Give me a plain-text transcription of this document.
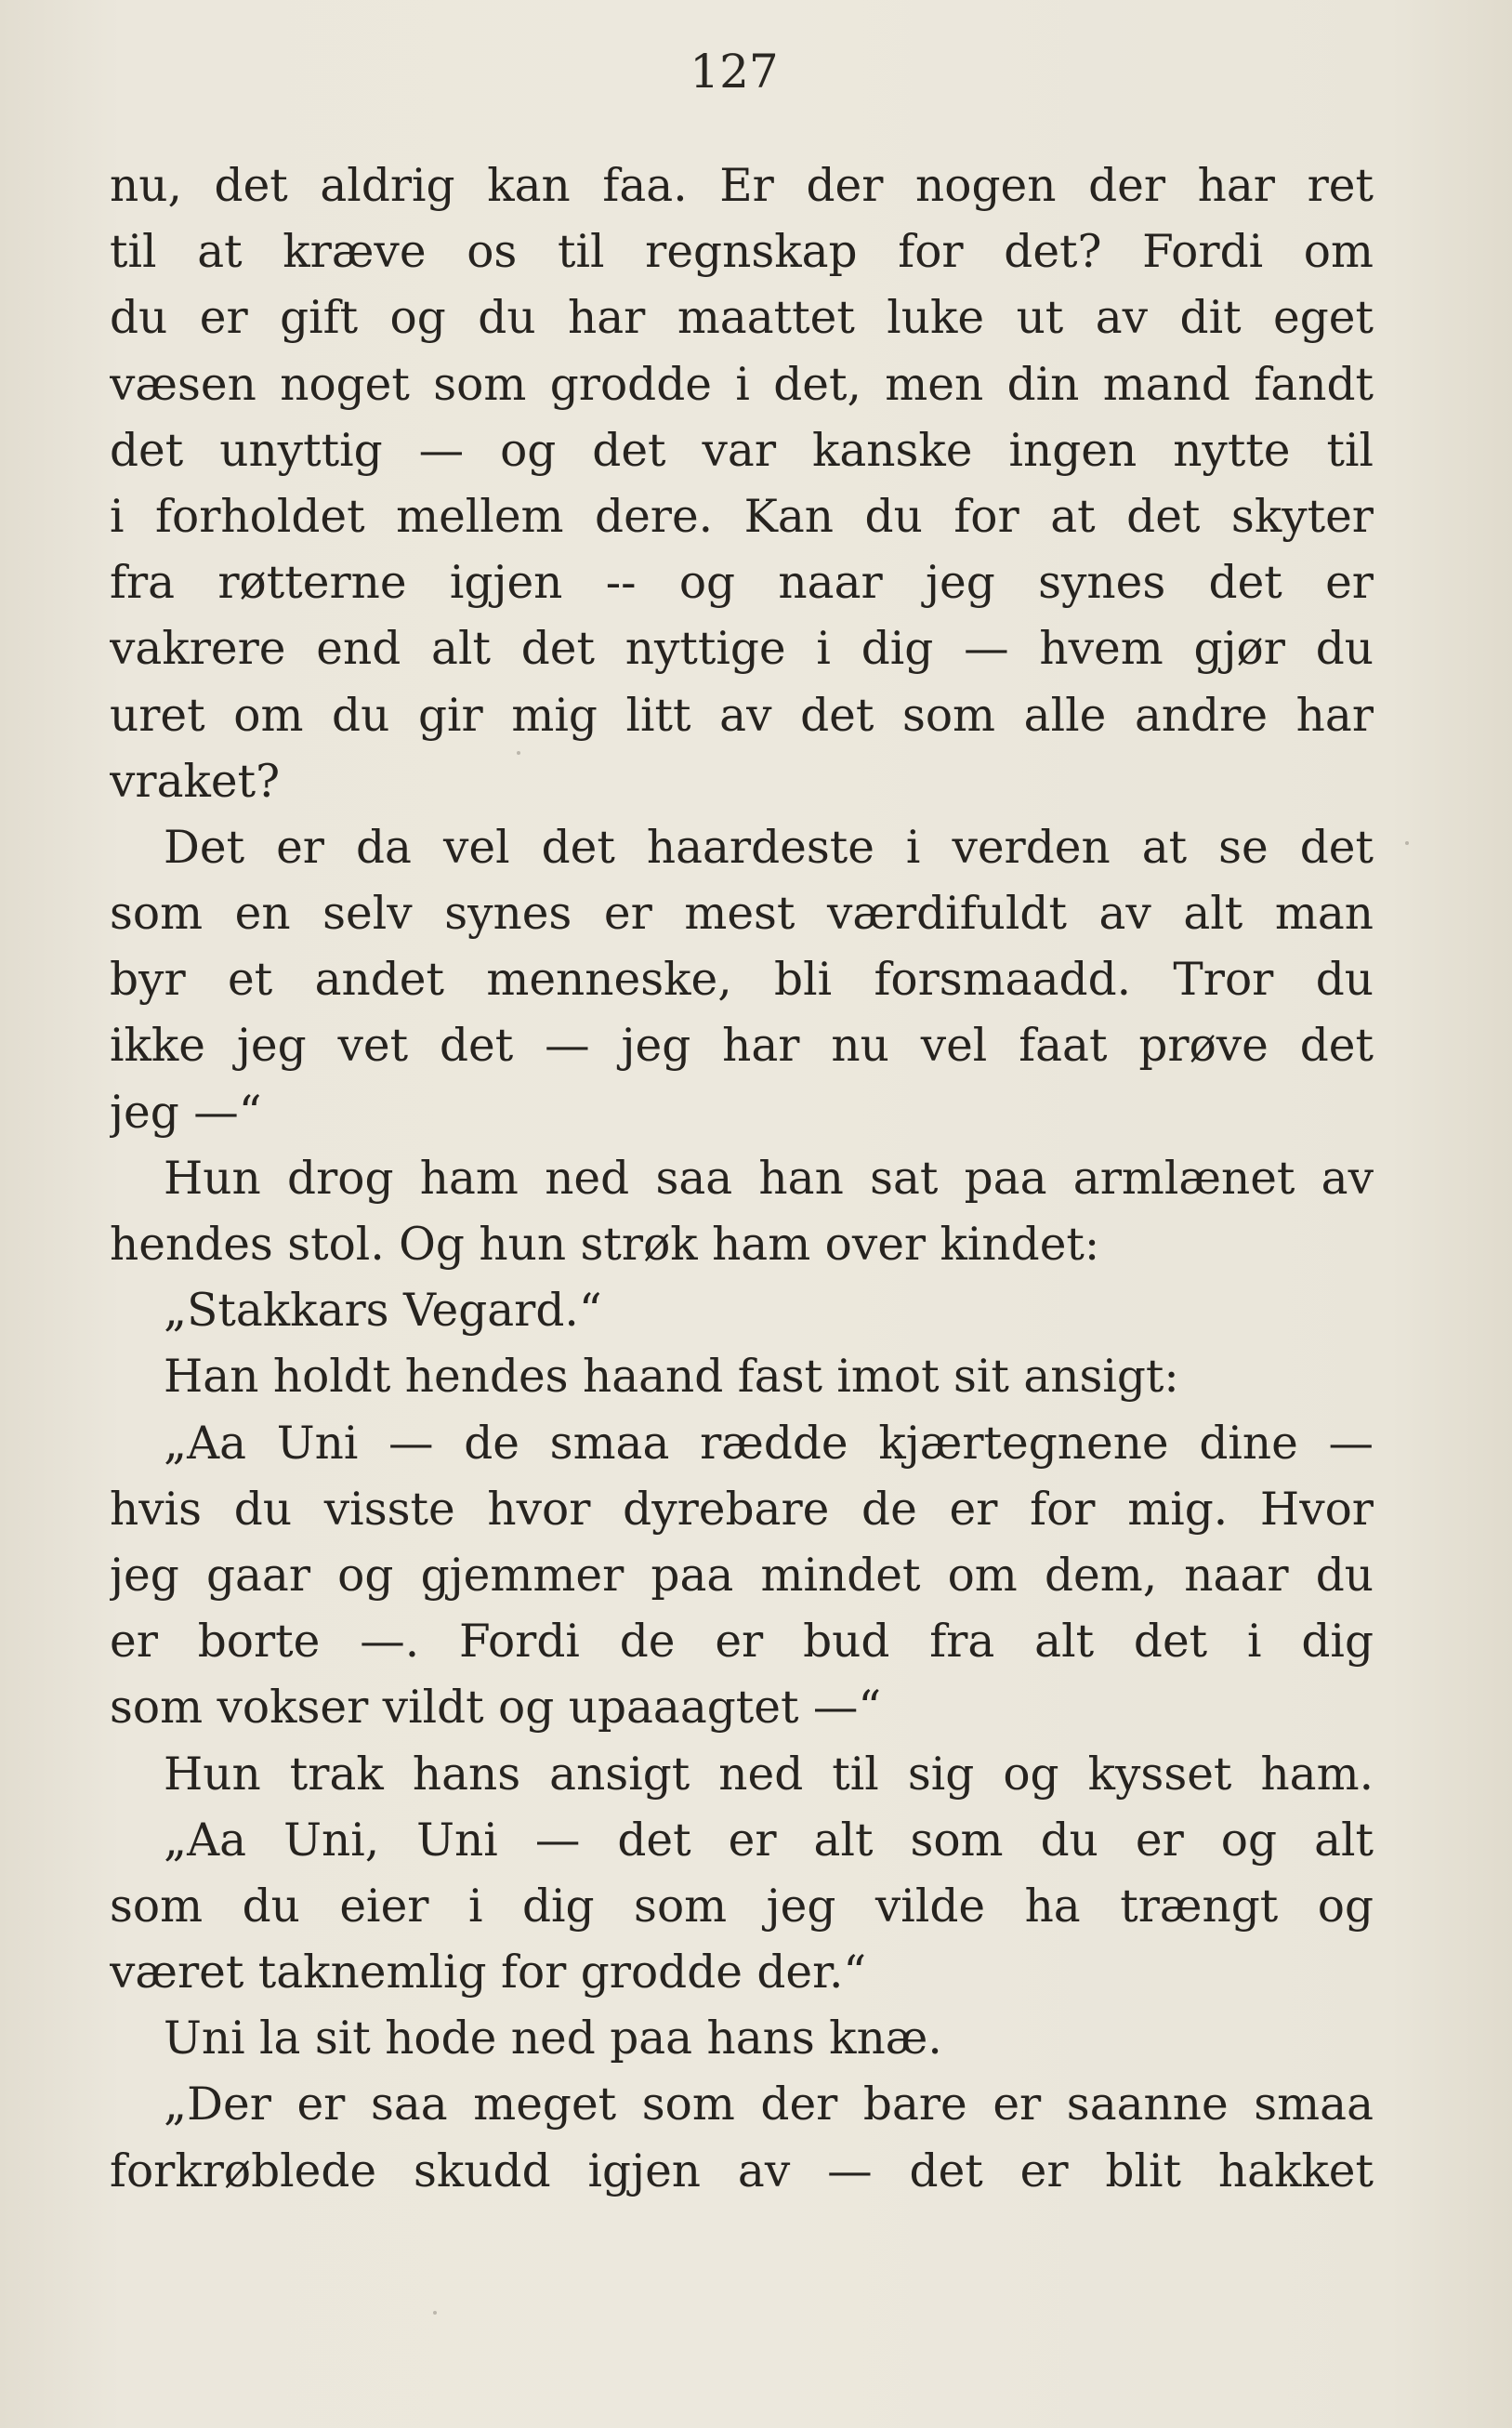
127
nu, det aldrig kan faa. Er der nogen der har ret
til at kræve os til regnskap for det? Fordi om
du er gift og du har maattet luke ut av dit eget
væsen noget som grodde i det, men din mand fandt
det unyttig — og det var kanske ingen nytte til
i forholdet mellem dere. Kan du for at det skyter
fra røtterne igjen -- og naar jeg synes det er
vakrere end alt det nyttige i dig — hvem gjør du
uret om du gir mig litt av det som alle andre har
vraket?
Det er da vel det haardeste i verden at se det
som en selv synes er mest værdifuldt av alt man
byr et andet menneske, bli forsmaadd. Tror du
ikke jeg vet det — jeg har nu vel faat prøve det
jeg —“
Hun drog ham ned saa han sat paa armlænet av
hendes stol. Og hun strøk ham over kindet:
„Stakkars Vegard.“
Han holdt hendes haand fast imot sit ansigt:
„Aa Uni — de smaa rædde kjærtegnene dine —
hvis du visste hvor dyrebare de er for mig. Hvor
jeg gaar og gjemmer paa mindet om dem, naar du
er borte —. Fordi de er bud fra alt det i dig
som vokser vildt og upaaagtet —“
Hun trak hans ansigt ned til sig og kysset ham.
„Aa Uni, Uni — det er alt som du er og alt
som du eier i dig som jeg vilde ha trængt og
været taknemlig for grodde der.“
Uni la sit hode ned paa hans knæ.
„Der er saa meget som der bare er saanne smaa
forkrøblede skudd igjen av — det er blit hakket
